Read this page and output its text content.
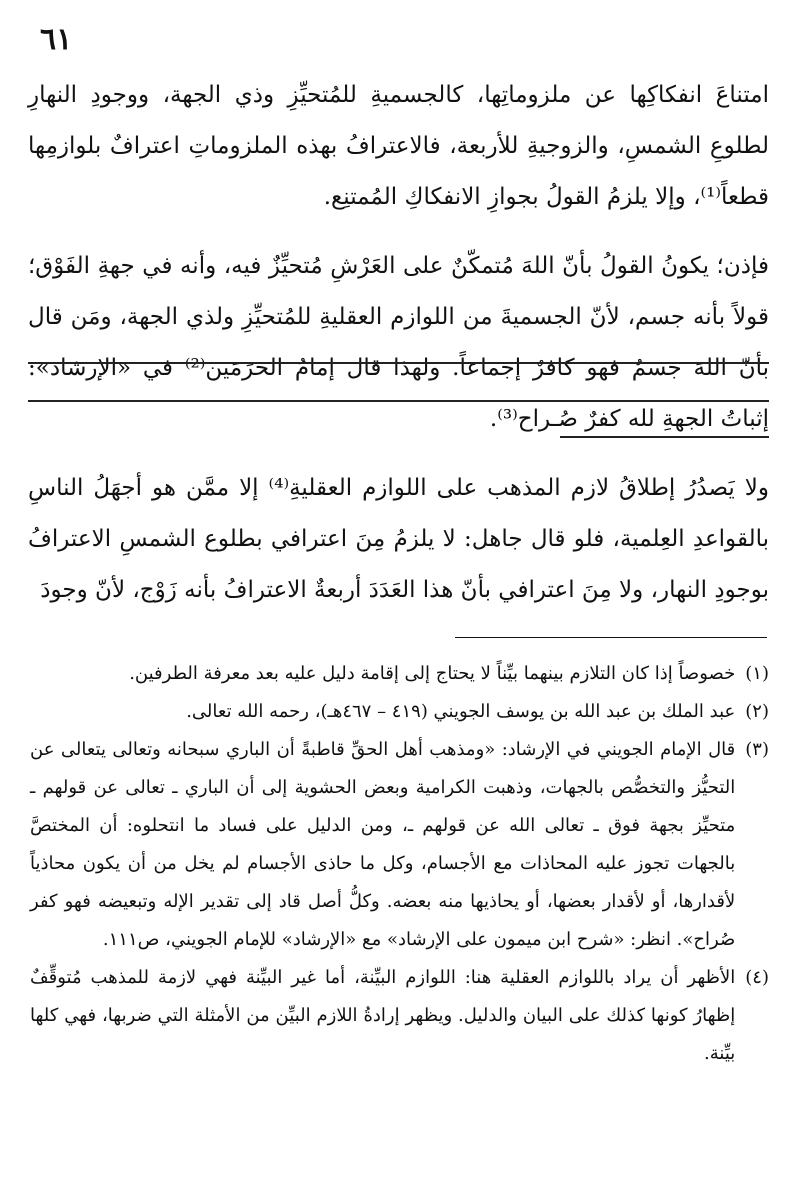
٦١

امتناعَ انفكاكِها عن ملزوماتِها، كالجسميةِ للمُتحيِّزِ وذي الجهة، ووجودِ النهارِ لطلوعِ الشمسِ، والزوجيةِ للأربعة، فالاعترافُ بهذه الملزوماتِ اعترافٌ بلوازمِها قطعاً⁽¹⁾، وإلا يلزمُ القولُ بجوازِ الانفكاكِ المُمتنِع.

فإذن؛ يكونُ القولُ بأنّ اللهَ مُتمكّنٌ على العَرْشِ مُتحيِّزٌ فيه، وأنه في جهةِ الفَوْق؛ قولاً بأنه جسم، لأنّ الجسميةَ من اللوازم العقليةِ للمُتحيِّزِ ولذي الجهة، ومَن قال بأنّ اللهَ جسمٌ فهو كافرٌ إجماعاً. ولهذا قال إمامُ الحرَمَين⁽²⁾ في «الإرشاد»: إثباتُ الجهةِ لله كفرٌ صُـراح⁽³⁾.

ولا يَصدُرُ إطلاقُ لازم المذهب على اللوازم العقليةِ⁽⁴⁾ إلا ممَّن هو أجهَلُ الناسِ بالقواعدِ العِلمية، فلو قال جاهل: لا يلزمُ مِنَ اعترافي بطلوع الشمسِ الاعترافُ بوجودِ النهار، ولا مِنَ اعترافي بأنّ هذا العَدَدَ أربعةٌ الاعترافُ بأنه زَوْج، لأنّ وجودَ

(١)
خصوصاً إذا كان التلازم بينهما بيِّناً لا يحتاج إلى إقامة دليل عليه بعد معرفة الطرفين.
(٢)
عبد الملك بن عبد الله بن يوسف الجويني (٤١٩ – ٤٦٧هـ)، رحمه الله تعالى.
(٣)
قال الإمام الجويني في الإرشاد: «ومذهب أهل الحقِّ قاطبةً أن الباري سبحانه وتعالى يتعالى عن التحيُّز والتخصُّص بالجهات، وذهبت الكرامية وبعض الحشوية إلى أن الباري ـ تعالى عن قولهم ـ متحيِّز بجهة فوق ـ تعالى الله عن قولهم ـ، ومن الدليل على فساد ما انتحلوه: أن المختصَّ بالجهات تجوز عليه المحاذات مع الأجسام، وكل ما حاذى الأجسام لم يخل من أن يكون محاذياً لأقدارها، أو لأقدار بعضها، أو يحاذيها منه بعضه. وكلُّ أصل قاد إلى تقدير الإله وتبعيضه فهو كفر صُراح». انظر: «شرح ابن ميمون على الإرشاد» مع «الإرشاد» للإمام الجويني، ص١١١.
(٤)
الأظهر أن يراد باللوازم العقلية هنا: اللوازم البيِّنة، أما غير البيِّنة فهي لازمة للمذهب مُتوقِّفٌ إظهارُ كونها كذلك على البيان والدليل. ويظهر إرادةُ اللازم البيِّن من الأمثلة التي ضربها، فهي كلها بيِّنة.
